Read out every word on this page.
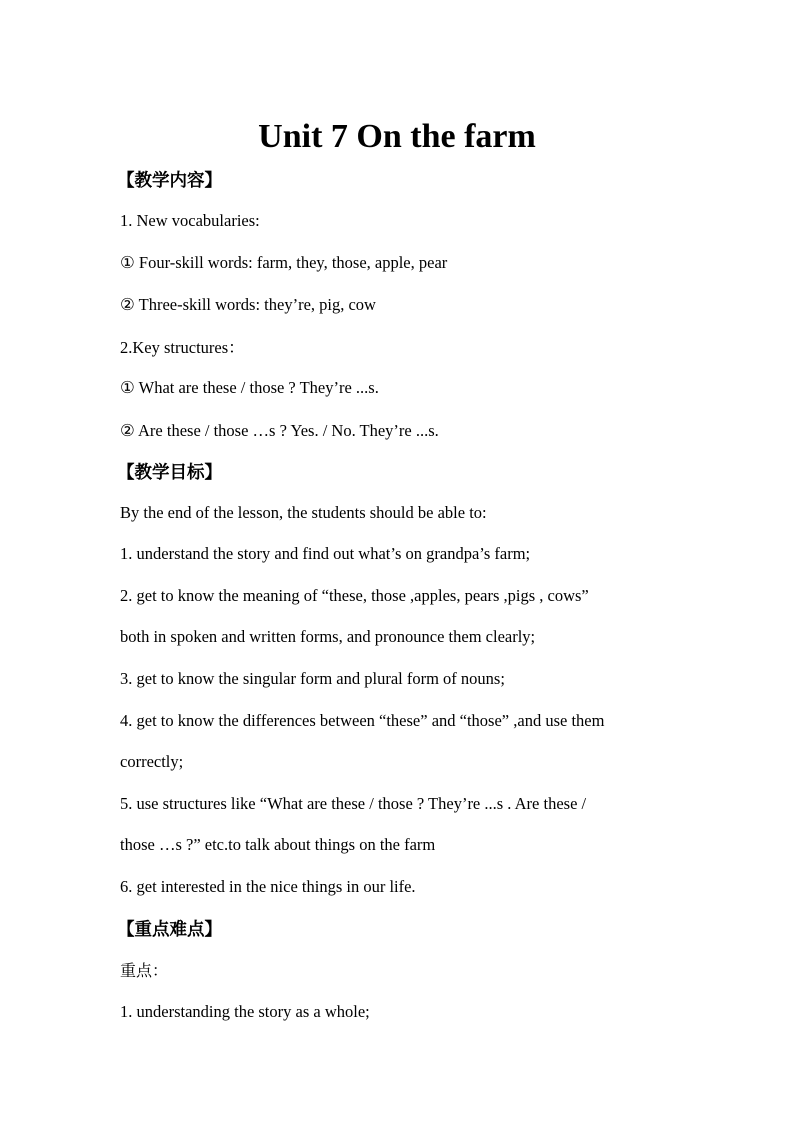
Unit 7 On the farm
【教学内容】
1. New vocabularies:
① Four-skill words: farm, they, those, apple, pear
② Three-skill words: they’re, pig, cow
2.Key structures：
① What are these / those ? They’re ...s.
② Are these / those …s ? Yes. / No. They’re ...s.
【教学目标】
By the end of the lesson, the students should be able to:
1. understand the story and find out what’s on grandpa’s farm;
2. get to know the meaning of “these, those ,apples, pears ,pigs , cows”
both in spoken and written forms, and pronounce them clearly;
3. get to know the singular form and plural form of nouns;
4. get to know the differences between “these” and “those” ,and use them
correctly;
5. use structures like “What are these / those ? They’re ...s . Are these /
those …s ?” etc.to talk about things on the farm
6. get interested in the nice things in our life.
【重点难点】
重点：
1. understanding the story as a whole;
